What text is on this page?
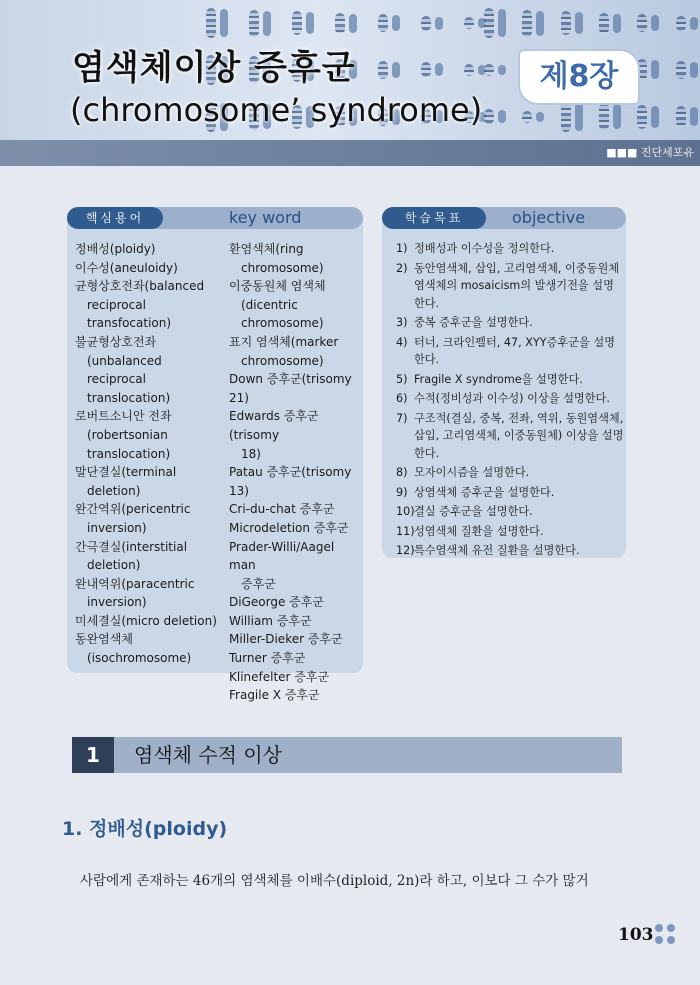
염색체이상 증후군
(chromosome’ syndrome)
제8장
■■■ 진단세포유
핵심용어	key word
정배성(ploidy)
이수성(aneuloidy)
균형상호전좌(balanced
reciprocal
transfocation)
불균형상호전좌
(unbalanced
reciprocal
translocation)
로버트소니안 전좌
(robertsonian
translocation)
말단결실(terminal
deletion)
완간역위(pericentric
inversion)
간극결실(interstitial
deletion)
완내역위(paracentric
inversion)
미세결실(micro deletion)
동완염색체
(isochromosome)
환염색체(ring
chromosome)
이중동원체 염색체
(dicentric
chromosome)
표지 염색체(marker
chromosome)
Down 증후군(trisomy 21)
Edwards 증후군(trisomy
18)
Patau 증후군(trisomy 13)
Cri-du-chat 증후군
Microdeletion 증후군
Prader-Willi/Aagel man
증후군
DiGeorge 증후군
William 증후군
Miller-Dieker 증후군
Turner 증후군
Klinefelter 증후군
Fragile X 증후군
학습목표	objective
1) 정배성과 이수성을 정의한다.
2) 동안염색체, 삽입, 고리염색체, 이중동원체염색체의 mosaicism의 발생기전을 설명한다.
3) 중복 증후군을 설명한다.
4) 터너, 크라인펠터, 47, XYY증후군을 설명한다.
5) Fragile X syndrome을 설명한다.
6) 수적(정비성과 이수성) 이상을 설명한다.
7) 구조적(결실, 중복, 전좌, 역위, 동원염색체, 삽입, 고리염색체, 이중동원체) 이상을 설명한다.
8) 모자이시즘을 설명한다.
9) 상염색체 증후군을 설명한다.
10) 결실 증후군을 설명한다.
11) 성염색체 질환을 설명한다.
12) 특수염색체 유전 질환을 설명한다.
1	염색체 수적 이상
1. 정배성(ploidy)
사람에게 존재하는 46개의 염색체를 이배수(diploid, 2n)라 하고, 이보다 그 수가 많거
103
